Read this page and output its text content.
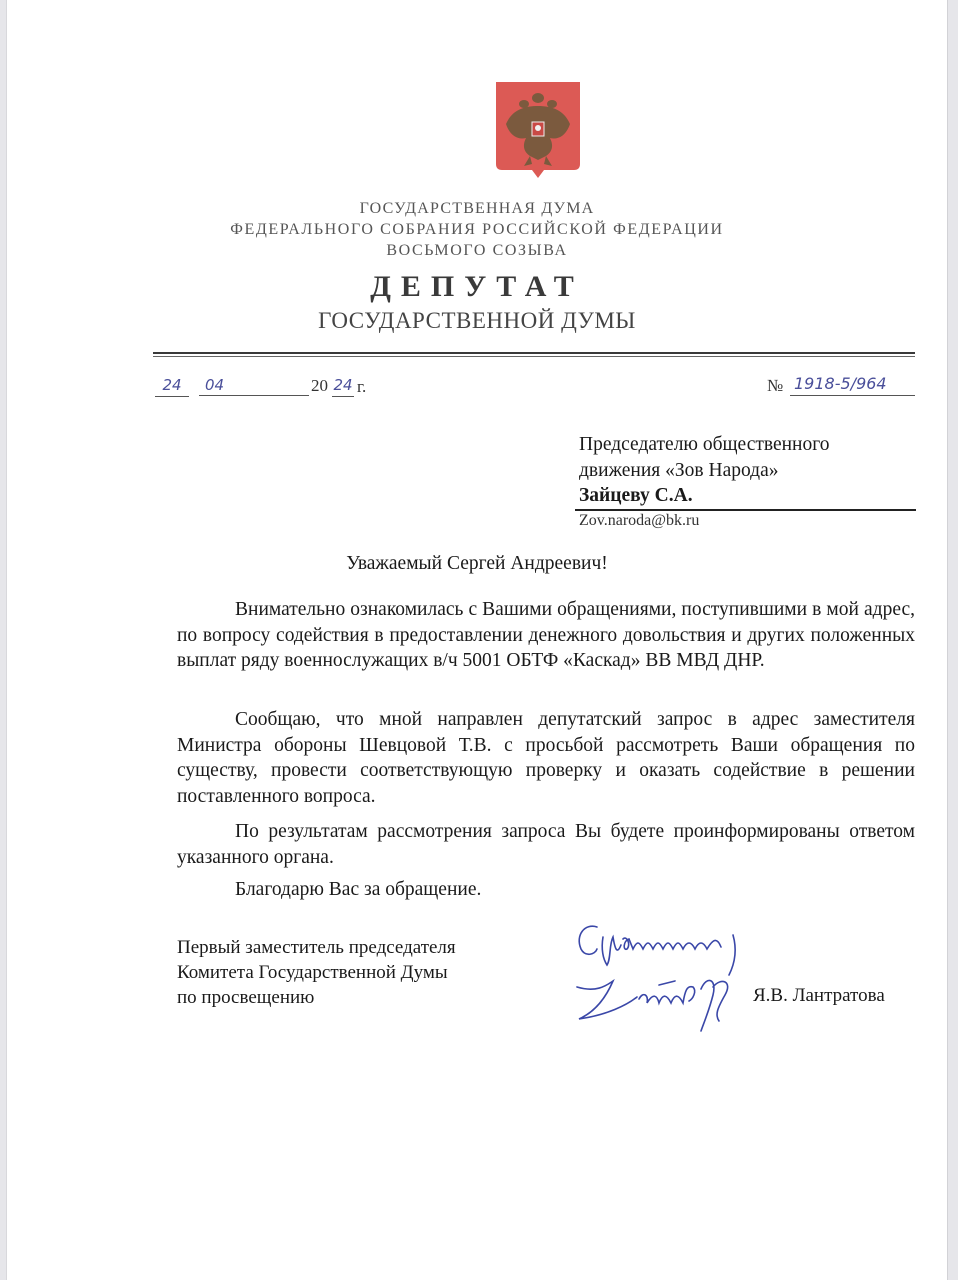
ГОСУДАРСТВЕННАЯ ДУМА
ФЕДЕРАЛЬНОГО СОБРАНИЯ РОССИЙСКОЙ ФЕДЕРАЦИИ
ВОСЬМОГО СОЗЫВА
ДЕПУТАТ
ГОСУДАРСТВЕННОЙ ДУМЫ
24	04	20 24 г.	№ 1918-5/964
Председателю общественного
движения «Зов Народа»
Зайцеву С.А.
Zov.naroda@bk.ru
Уважаемый Сергей Андреевич!

Внимательно ознакомилась с Вашими обращениями, поступившими в мой адрес, по вопросу содействия в предоставлении денежного довольствия и других положенных выплат ряду военнослужащих в/ч 5001 ОБТФ «Каскад» ВВ МВД ДНР.

Сообщаю, что мной направлен депутатский запрос в адрес заместителя Министра обороны Шевцовой Т.В. с просьбой рассмотреть Ваши обращения по существу, провести соответствующую проверку и оказать содействие в решении поставленного вопроса.

По результатам рассмотрения запроса Вы будете проинформированы ответом указанного органа.

Благодарю Вас за обращение.

Первый заместитель председателя
Комитета Государственной Думы
по просвещению	Я.В. Лантратова
